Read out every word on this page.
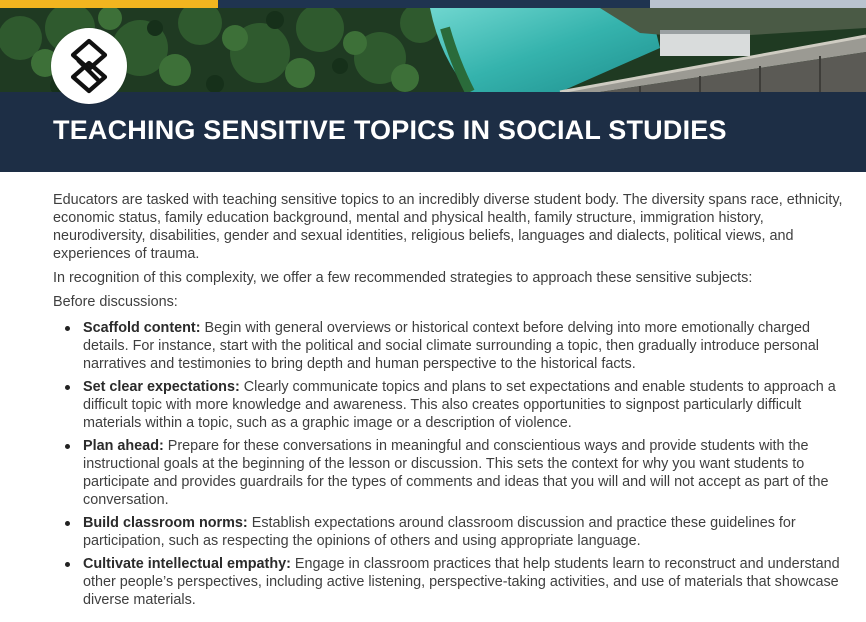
TEACHING SENSITIVE TOPICS IN SOCIAL STUDIES

Educators are tasked with teaching sensitive topics to an incredibly diverse student body. The diversity spans race, ethnicity, economic status, family education background, mental and physical health, family structure, immigration history, neurodiversity, disabilities, gender and sexual identities, religious beliefs, languages and dialects, political views, and experiences of trauma.

In recognition of this complexity, we offer a few recommended strategies to approach these sensitive subjects:

Before discussions:

Scaffold content: Begin with general overviews or historical context before delving into more emotionally charged details. For instance, start with the political and social climate surrounding a topic, then gradually introduce personal narratives and testimonies to bring depth and human perspective to the historical facts.
Set clear expectations: Clearly communicate topics and plans to set expectations and enable students to approach a difficult topic with more knowledge and awareness. This also creates opportunities to signpost particularly difficult materials within a topic, such as a graphic image or a description of violence.
Plan ahead: Prepare for these conversations in meaningful and conscientious ways and provide students with the instructional goals at the beginning of the lesson or discussion. This sets the context for why you want students to participate and provides guardrails for the types of comments and ideas that you will and will not accept as part of the conversation.
Build classroom norms: Establish expectations around classroom discussion and practice these guidelines for participation, such as respecting the opinions of others and using appropriate language.
Cultivate intellectual empathy: Engage in classroom practices that help students learn to reconstruct and understand other people’s perspectives, including active listening, perspective-taking activities, and use of materials that showcase diverse materials.
